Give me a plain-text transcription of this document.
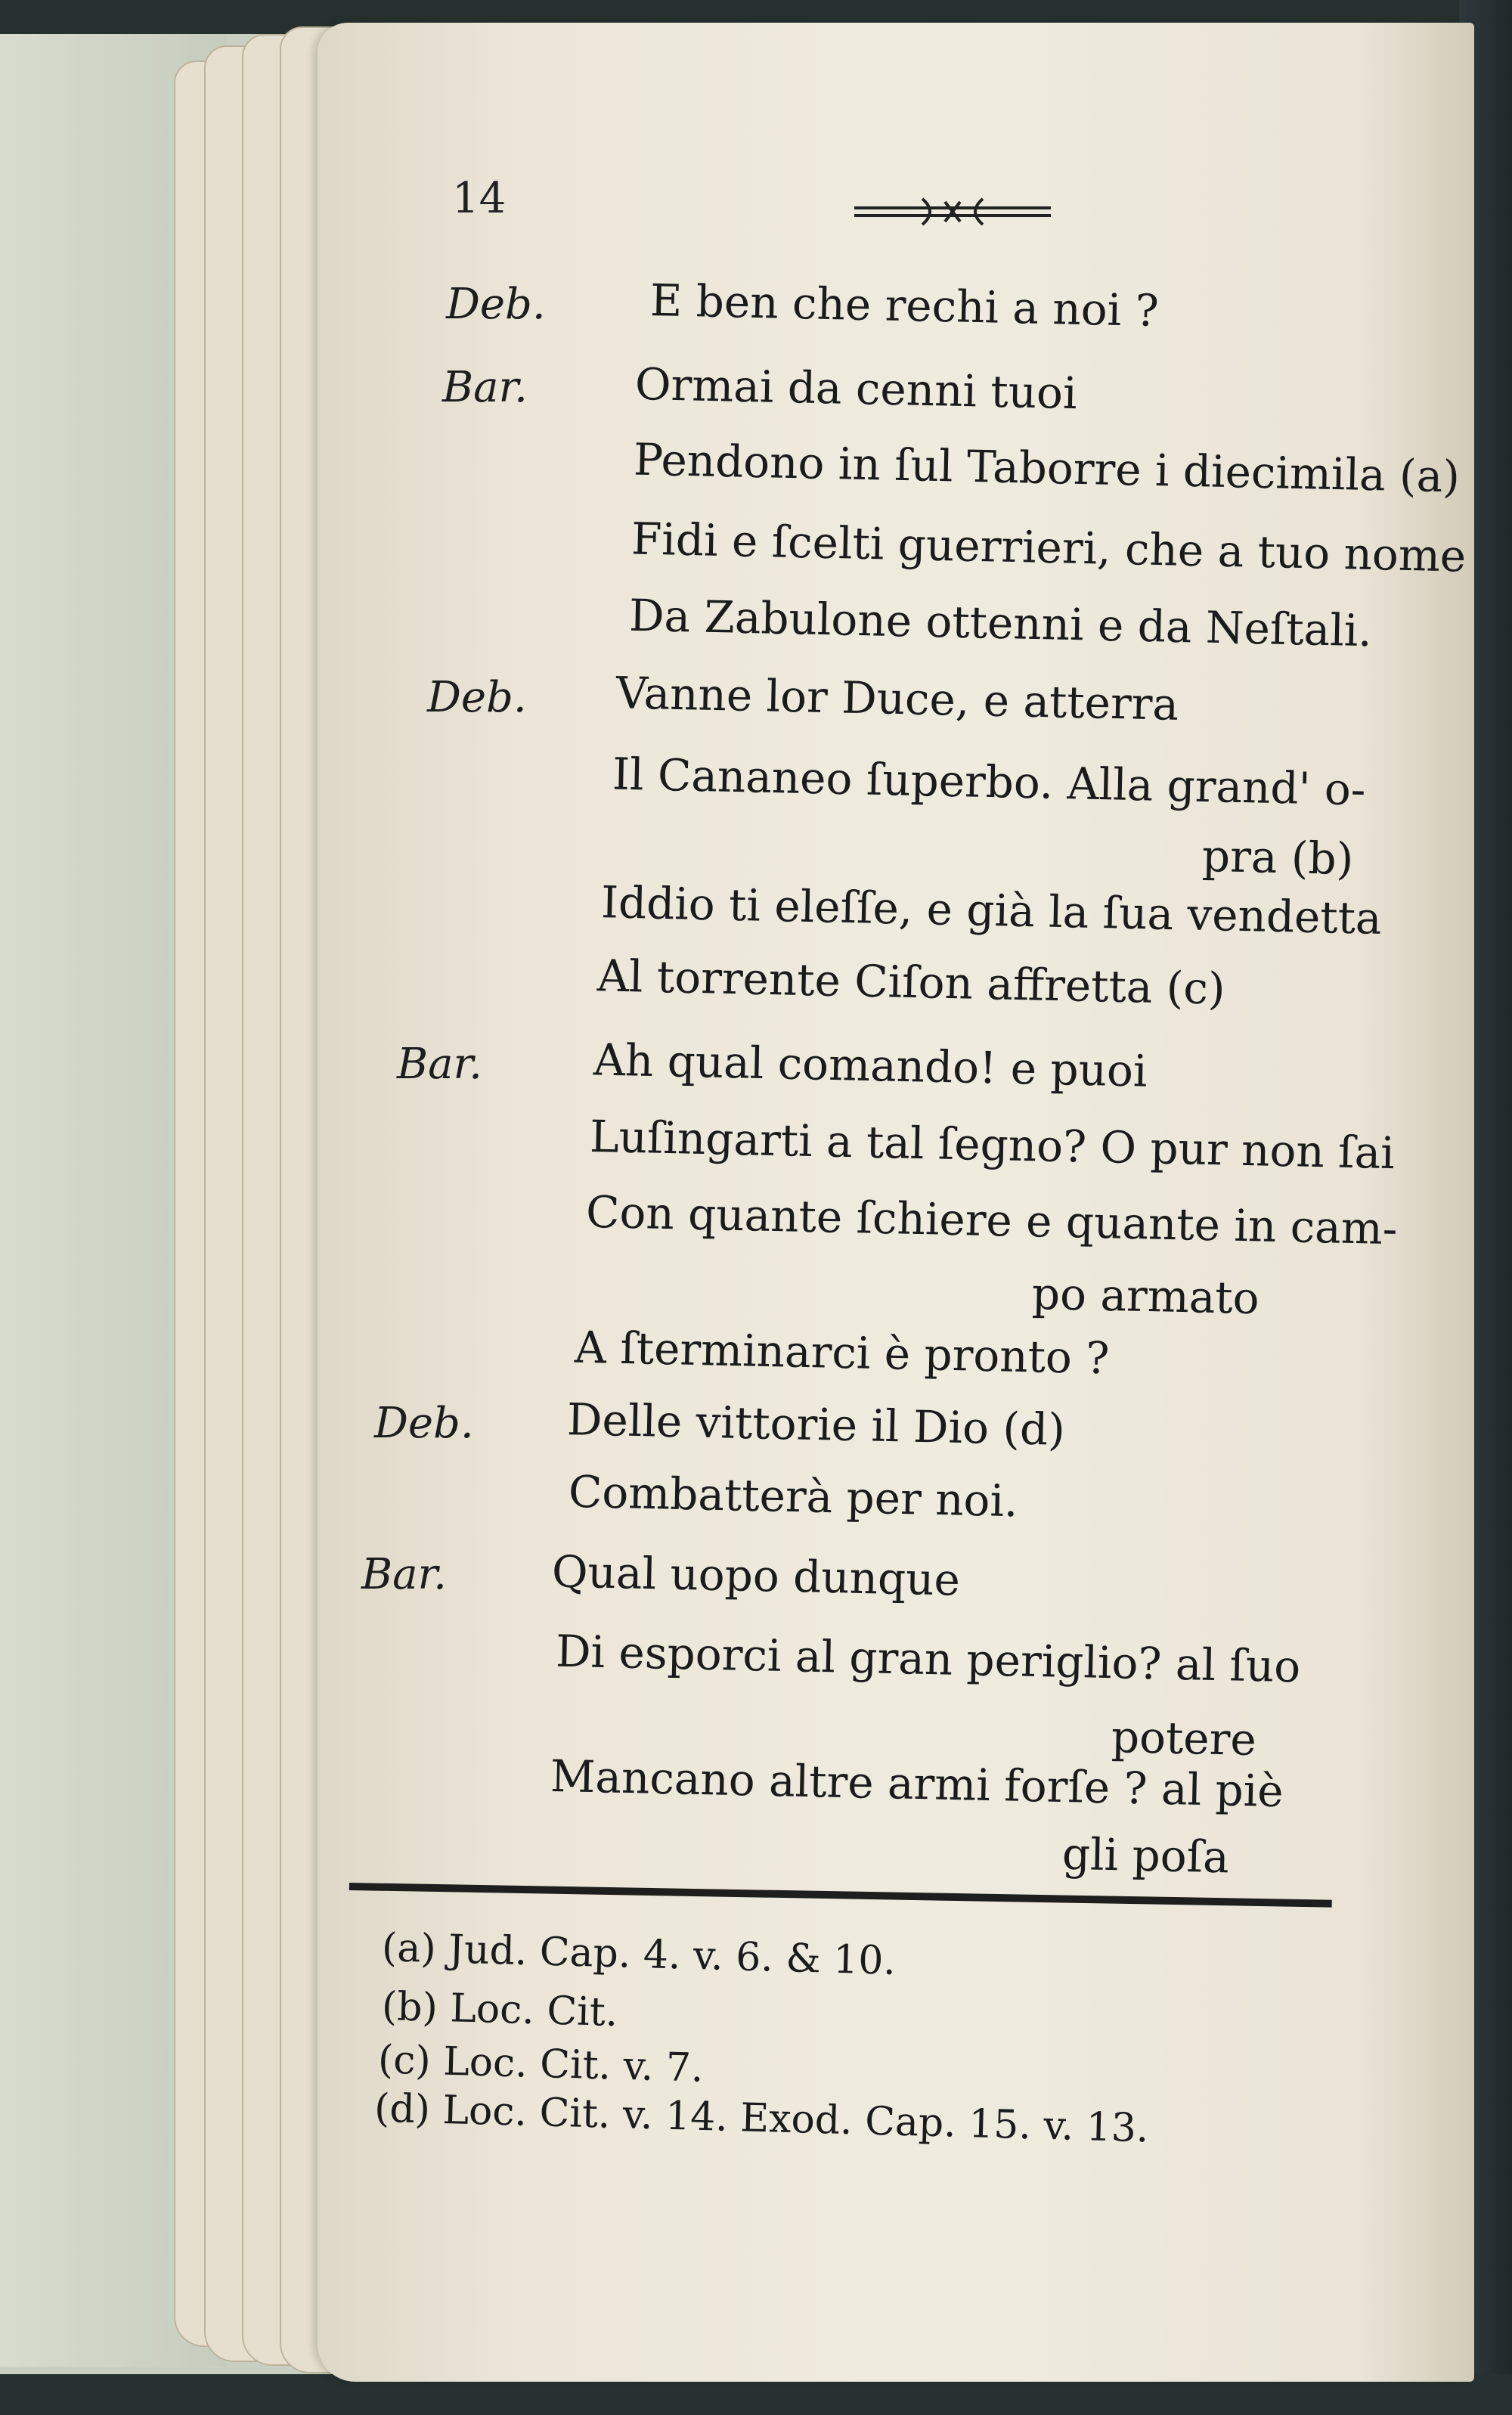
14
Deb. E ben che rechi a noi ?
Bar. Ormai da cenni tuoi
Pendono in ſul Taborre i diecimila (a)
Fidi e ſcelti guerrieri, che a tuo nome
Da Zabulone ottenni e da Neſtali.
Deb. Vanne lor Duce, e atterra
Il Cananeo ſuperbo. Alla grand' o-
pra (b)
Iddio ti eleſſe, e già la ſua vendetta
Al torrente Ciſon affretta (c)
Bar.	Ah qual comando! e puoi
Luſingarti a tal ſegno? O pur non ſai
Con quante ſchiere e quante in cam-
po armato
A ſterminarci è pronto ?
Deb. Delle vittorie il Dio (d)
Combatterà per noi.
Bar. Qual uopo dunque
Di esporci al gran periglio? al ſuo
potere
Mancano altre armi forſe ? al piè
gli poſa
(a) Jud. Cap. 4. v. 6. & 10.
(b) Loc. Cit.
(c) Loc. Cit. v. 7.
(d) Loc. Cit. v. 14. Exod. Cap. 15. v. 13.
